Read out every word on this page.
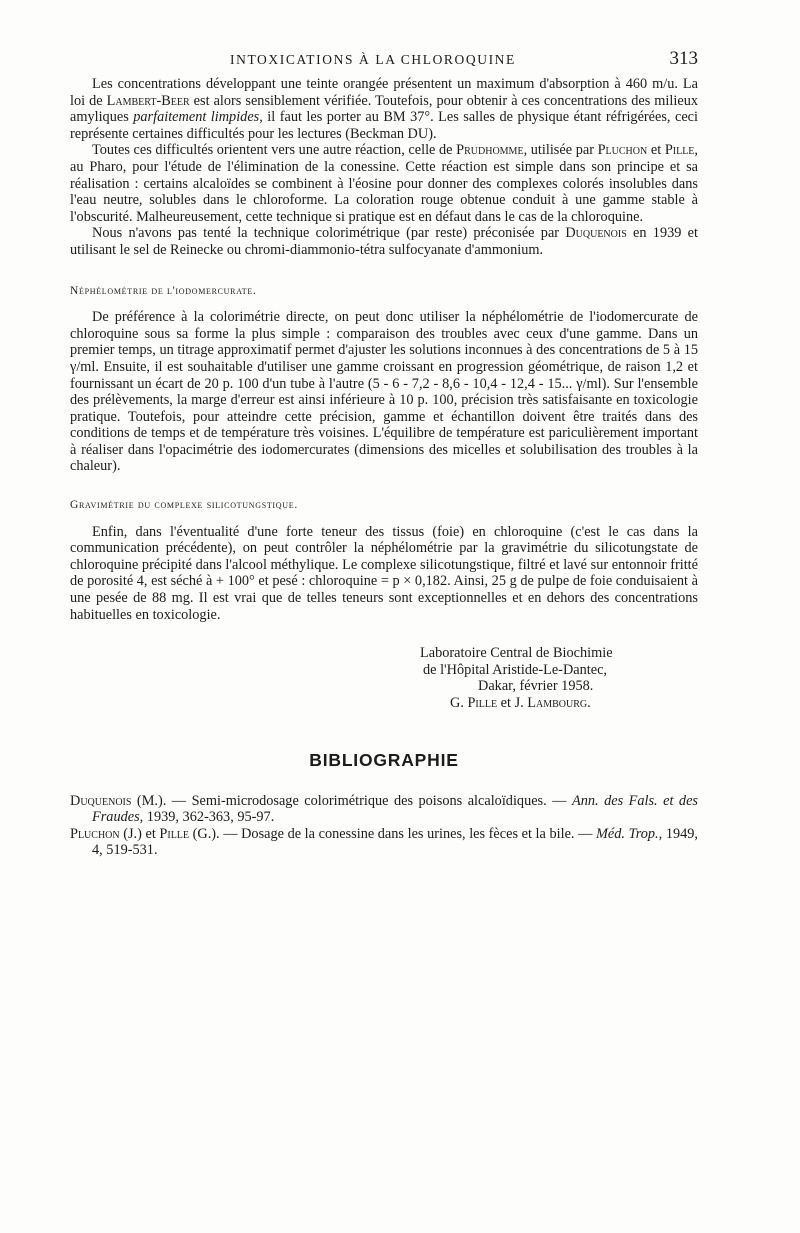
INTOXICATIONS À LA CHLOROQUINE	313

Les concentrations développant une teinte orangée présentent un maximum d'absorption à 460 m/u. La loi de Lambert-Beer est alors sensiblement vérifiée. Toutefois, pour obtenir à ces concentrations des milieux amyliques parfaitement limpides, il faut les porter au BM 37°. Les salles de physique étant réfrigérées, ceci représente certaines difficultés pour les lectures (Beckman DU).

Toutes ces difficultés orientent vers une autre réaction, celle de Prudhomme, utilisée par Pluchon et Pille, au Pharo, pour l'étude de l'élimination de la conessine. Cette réaction est simple dans son principe et sa réalisation : certains alcaloïdes se combinent à l'éosine pour donner des complexes colorés insolubles dans l'eau neutre, solubles dans le chloroforme. La coloration rouge obtenue conduit à une gamme stable à l'obscurité. Malheureusement, cette technique si pratique est en défaut dans le cas de la chloroquine.

Nous n'avons pas tenté la technique colorimétrique (par reste) préconisée par Duquenois en 1939 et utilisant le sel de Reinecke ou chromi-diammonio-tétra sulfocyanate d'ammonium.

Néphélométrie de l'iodomercurate.

De préférence à la colorimétrie directe, on peut donc utiliser la néphélométrie de l'iodomercurate de chloroquine sous sa forme la plus simple : comparaison des troubles avec ceux d'une gamme. Dans un premier temps, un titrage approximatif permet d'ajuster les solutions inconnues à des concentrations de 5 à 15 γ/ml. Ensuite, il est souhaitable d'utiliser une gamme croissant en progression géométrique, de raison 1,2 et fournissant un écart de 20 p. 100 d'un tube à l'autre (5 - 6 - 7,2 - 8,6 - 10,4 - 12,4 - 15... γ/ml). Sur l'ensemble des prélèvements, la marge d'erreur est ainsi inférieure à 10 p. 100, précision très satisfaisante en toxicologie pratique. Toutefois, pour atteindre cette précision, gamme et échantillon doivent être traités dans des conditions de temps et de température très voisines. L'équilibre de température est pariculièrement important à réaliser dans l'opacimétrie des iodomercurates (dimensions des micelles et solubilisation des troubles à la chaleur).

Gravimétrie du complexe silicotungstique.

Enfin, dans l'éventualité d'une forte teneur des tissus (foie) en chloroquine (c'est le cas dans la communication précédente), on peut contrôler la néphélométrie par la gravimétrie du silicotungstate de chloroquine précipité dans l'alcool méthylique. Le complexe silicotungstique, filtré et lavé sur entonnoir fritté de porosité 4, est séché à + 100° et pesé : chloroquine = p × 0,182. Ainsi, 25 g de pulpe de foie conduisaient à une pesée de 88 mg. Il est vrai que de telles teneurs sont exceptionnelles et en dehors des concentrations habituelles en toxicologie.

Laboratoire Central de Biochimie
de l'Hôpital Aristide-Le-Dantec,
Dakar, février 1958.
G. Pille et J. Lambourg.
BIBLIOGRAPHIE

Duquenois (M.). — Semi-microdosage colorimétrique des poisons alcaloïdiques. — Ann. des Fals. et des Fraudes, 1939, 362-363, 95-97.

Pluchon (J.) et Pille (G.). — Dosage de la conessine dans les urines, les fèces et la bile. — Méd. Trop., 1949, 4, 519-531.
